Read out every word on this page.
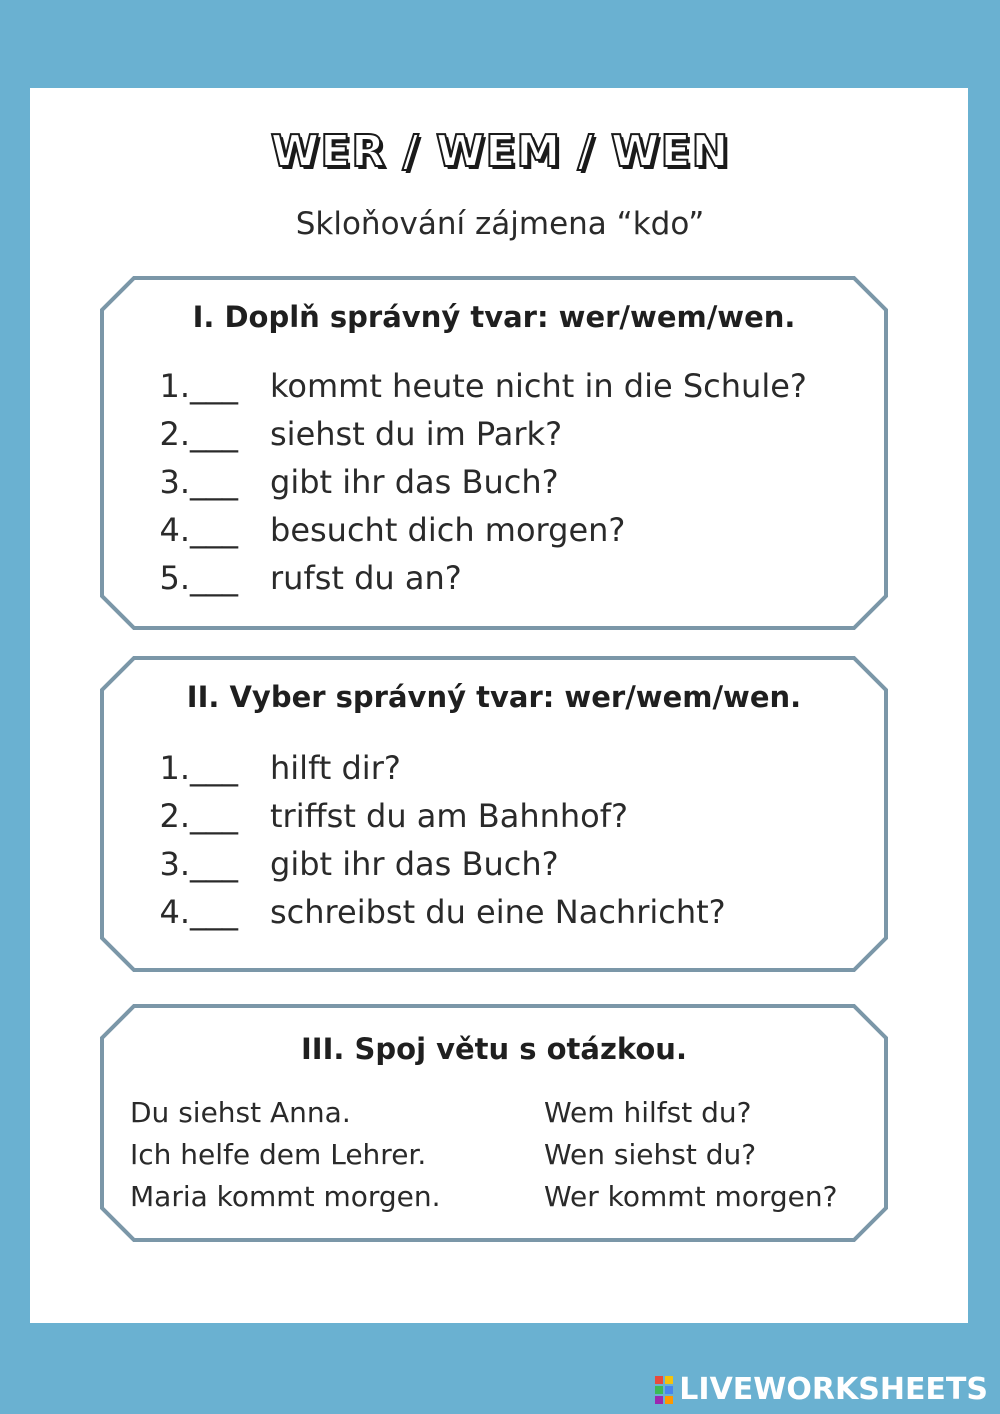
WER / WEM / WEN
Skloňování zájmena “kdo”
I. Doplň správný tvar: wer/wem/wen.
1.___ kommt heute nicht in die Schule?
2.___ siehst du im Park?
3.___ gibt ihr das Buch?
4.___ besucht dich morgen?
5.___ rufst du an?
II. Vyber správný tvar: wer/wem/wen.
1.___ hilft dir?
2.___ triffst du am Bahnhof?
3.___ gibt ihr das Buch?
4.___ schreibst du eine Nachricht?
III. Spoj větu s otázkou.
Du siehst Anna.
Ich helfe dem Lehrer.
Maria kommt morgen.
Wem hilfst du?
Wen siehst du?
Wer kommt morgen?
LIVEWORKSHEETS
